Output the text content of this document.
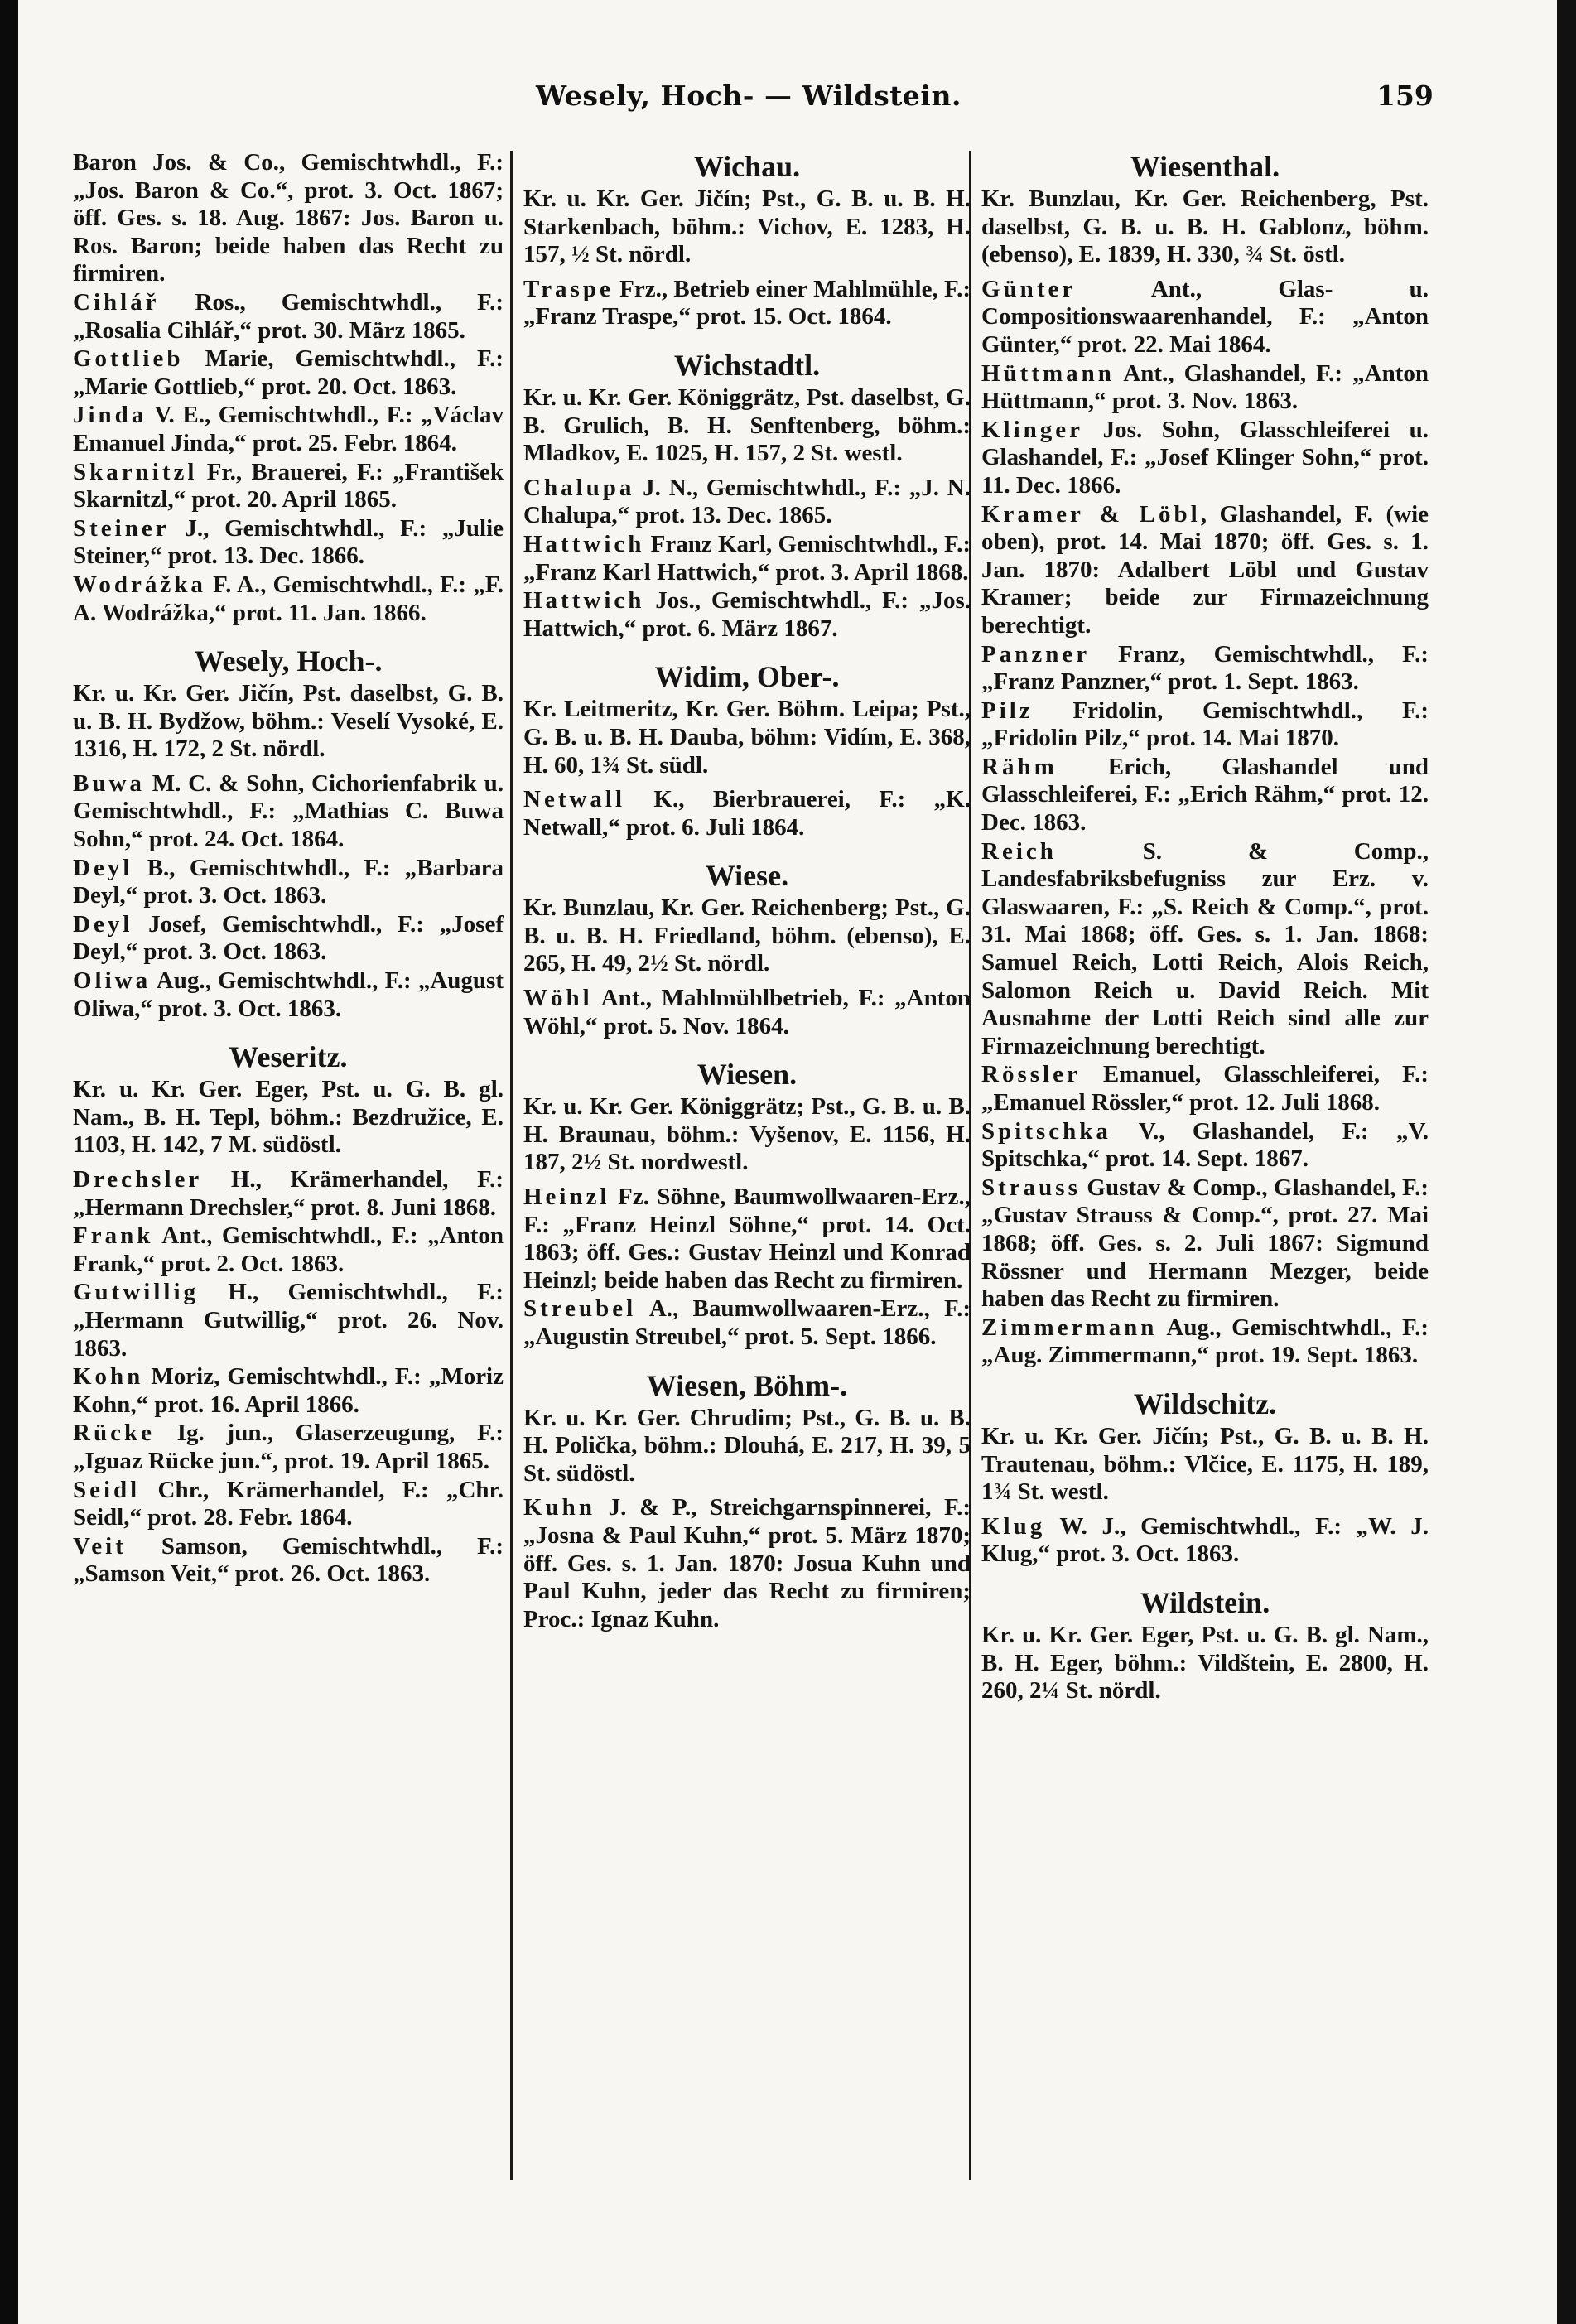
Wesely, Hoch- — Wildstein.	159
Baron Jos. & Co., Gemischtwhdl., F.: „Jos. Baron & Co.“, prot. 3. Oct. 1867; öff. Ges. s. 18. Aug. 1867: Jos. Baron u. Ros. Baron; beide haben das Recht zu firmiren.
Cihlář Ros., Gemischtwhdl., F.: „Rosalia Cihlář,“ prot. 30. März 1865.
Gottlieb Marie, Gemischtwhdl., F.: „Marie Gottlieb,“ prot. 20. Oct. 1863.
Jinda V. E., Gemischtwhdl., F.: „Václav Emanuel Jinda,“ prot. 25. Febr. 1864.
Skarnitzl Fr., Brauerei, F.: „František Skarnitzl,“ prot. 20. April 1865.
Steiner J., Gemischtwhdl., F.: „Julie Steiner,“ prot. 13. Dec. 1866.
Wodrážka F. A., Gemischtwhdl., F.: „F. A. Wodrážka,“ prot. 11. Jan. 1866.
Wesely, Hoch-.
Kr. u. Kr. Ger. Jičín, Pst. daselbst, G. B. u. B. H. Bydžow, böhm.: Veselí Vysoké, E. 1316, H. 172, 2 St. nördl.
Buwa M. C. & Sohn, Cichorienfabrik u. Gemischtwhdl., F.: „Mathias C. Buwa Sohn,“ prot. 24. Oct. 1864.
Deyl B., Gemischtwhdl., F.: „Barbara Deyl,“ prot. 3. Oct. 1863.
Deyl Josef, Gemischtwhdl., F.: „Josef Deyl,“ prot. 3. Oct. 1863.
Oliwa Aug., Gemischtwhdl., F.: „August Oliwa,“ prot. 3. Oct. 1863.
Weseritz.
Kr. u. Kr. Ger. Eger, Pst. u. G. B. gl. Nam., B. H. Tepl, böhm.: Bezdružice, E. 1103, H. 142, 7 M. südöstl.
Drechsler H., Krämerhandel, F.: „Hermann Drechsler,“ prot. 8. Juni 1868.
Frank Ant., Gemischtwhdl., F.: „Anton Frank,“ prot. 2. Oct. 1863.
Gutwillig H., Gemischtwhdl., F.: „Hermann Gutwillig,“ prot. 26. Nov. 1863.
Kohn Moriz, Gemischtwhdl., F.: „Moriz Kohn,“ prot. 16. April 1866.
Rücke Ig. jun., Glaserzeugung, F.: „Iguaz Rücke jun.“, prot. 19. April 1865.
Seidl Chr., Krämerhandel, F.: „Chr. Seidl,“ prot. 28. Febr. 1864.
Veit Samson, Gemischtwhdl., F.: „Samson Veit,“ prot. 26. Oct. 1863.
Wichau.
Kr. u. Kr. Ger. Jičín; Pst., G. B. u. B. H. Starkenbach, böhm.: Vichov, E. 1283, H. 157, ½ St. nördl.
Traspe Frz., Betrieb einer Mahlmühle, F.: „Franz Traspe,“ prot. 15. Oct. 1864.
Wichstadtl.
Kr. u. Kr. Ger. Königgrätz, Pst. daselbst, G. B. Grulich, B. H. Senftenberg, böhm.: Mladkov, E. 1025, H. 157, 2 St. westl.
Chalupa J. N., Gemischtwhdl., F.: „J. N. Chalupa,“ prot. 13. Dec. 1865.
Hattwich Franz Karl, Gemischtwhdl., F.: „Franz Karl Hattwich,“ prot. 3. April 1868.
Hattwich Jos., Gemischtwhdl., F.: „Jos. Hattwich,“ prot. 6. März 1867.
Widim, Ober-.
Kr. Leitmeritz, Kr. Ger. Böhm. Leipa; Pst., G. B. u. B. H. Dauba, böhm: Vidím, E. 368, H. 60, 1¾ St. südl.
Netwall K., Bierbrauerei, F.: „K. Netwall,“ prot. 6. Juli 1864.
Wiese.
Kr. Bunzlau, Kr. Ger. Reichenberg; Pst., G. B. u. B. H. Friedland, böhm. (ebenso), E. 265, H. 49, 2½ St. nördl.
Wöhl Ant., Mahlmühlbetrieb, F.: „Anton Wöhl,“ prot. 5. Nov. 1864.
Wiesen.
Kr. u. Kr. Ger. Königgrätz; Pst., G. B. u. B. H. Braunau, böhm.: Vyšenov, E. 1156, H. 187, 2½ St. nordwestl.
Heinzl Fz. Söhne, Baumwollwaaren-Erz., F.: „Franz Heinzl Söhne,“ prot. 14. Oct. 1863; öff. Ges.: Gustav Heinzl und Konrad Heinzl; beide haben das Recht zu firmiren.
Streubel A., Baumwollwaaren-Erz., F.: „Augustin Streubel,“ prot. 5. Sept. 1866.
Wiesen, Böhm-.
Kr. u. Kr. Ger. Chrudim; Pst., G. B. u. B. H. Polička, böhm.: Dlouhá, E. 217, H. 39, 5 St. südöstl.
Kuhn J. & P., Streichgarnspinnerei, F.: „Josna & Paul Kuhn,“ prot. 5. März 1870; öff. Ges. s. 1. Jan. 1870: Josua Kuhn und Paul Kuhn, jeder das Recht zu firmiren; Proc.: Ignaz Kuhn.
Wiesenthal.
Kr. Bunzlau, Kr. Ger. Reichenberg, Pst. daselbst, G. B. u. B. H. Gablonz, böhm. (ebenso), E. 1839, H. 330, ¾ St. östl.
Günter Ant., Glas- u. Compositionswaarenhandel, F.: „Anton Günter,“ prot. 22. Mai 1864.
Hüttmann Ant., Glashandel, F.: „Anton Hüttmann,“ prot. 3. Nov. 1863.
Klinger Jos. Sohn, Glasschleiferei u. Glashandel, F.: „Josef Klinger Sohn,“ prot. 11. Dec. 1866.
Kramer & Löbl, Glashandel, F. (wie oben), prot. 14. Mai 1870; öff. Ges. s. 1. Jan. 1870: Adalbert Löbl und Gustav Kramer; beide zur Firmazeichnung berechtigt.
Panzner Franz, Gemischtwhdl., F.: „Franz Panzner,“ prot. 1. Sept. 1863.
Pilz Fridolin, Gemischtwhdl., F.: „Fridolin Pilz,“ prot. 14. Mai 1870.
Rähm Erich, Glashandel und Glasschleiferei, F.: „Erich Rähm,“ prot. 12. Dec. 1863.
Reich S. & Comp., Landesfabriksbefugniss zur Erz. v. Glaswaaren, F.: „S. Reich & Comp.“, prot. 31. Mai 1868; öff. Ges. s. 1. Jan. 1868: Samuel Reich, Lotti Reich, Alois Reich, Salomon Reich u. David Reich. Mit Ausnahme der Lotti Reich sind alle zur Firmazeichnung berechtigt.
Rössler Emanuel, Glasschleiferei, F.: „Emanuel Rössler,“ prot. 12. Juli 1868.
Spitschka V., Glashandel, F.: „V. Spitschka,“ prot. 14. Sept. 1867.
Strauss Gustav & Comp., Glashandel, F.: „Gustav Strauss & Comp.“, prot. 27. Mai 1868; öff. Ges. s. 2. Juli 1867: Sigmund Rössner und Hermann Mezger, beide haben das Recht zu firmiren.
Zimmermann Aug., Gemischtwhdl., F.: „Aug. Zimmermann,“ prot. 19. Sept. 1863.
Wildschitz.
Kr. u. Kr. Ger. Jičín; Pst., G. B. u. B. H. Trautenau, böhm.: Vlčice, E. 1175, H. 189, 1¾ St. westl.
Klug W. J., Gemischtwhdl., F.: „W. J. Klug,“ prot. 3. Oct. 1863.
Wildstein.
Kr. u. Kr. Ger. Eger, Pst. u. G. B. gl. Nam., B. H. Eger, böhm.: Vildštein, E. 2800, H. 260, 2¼ St. nördl.
